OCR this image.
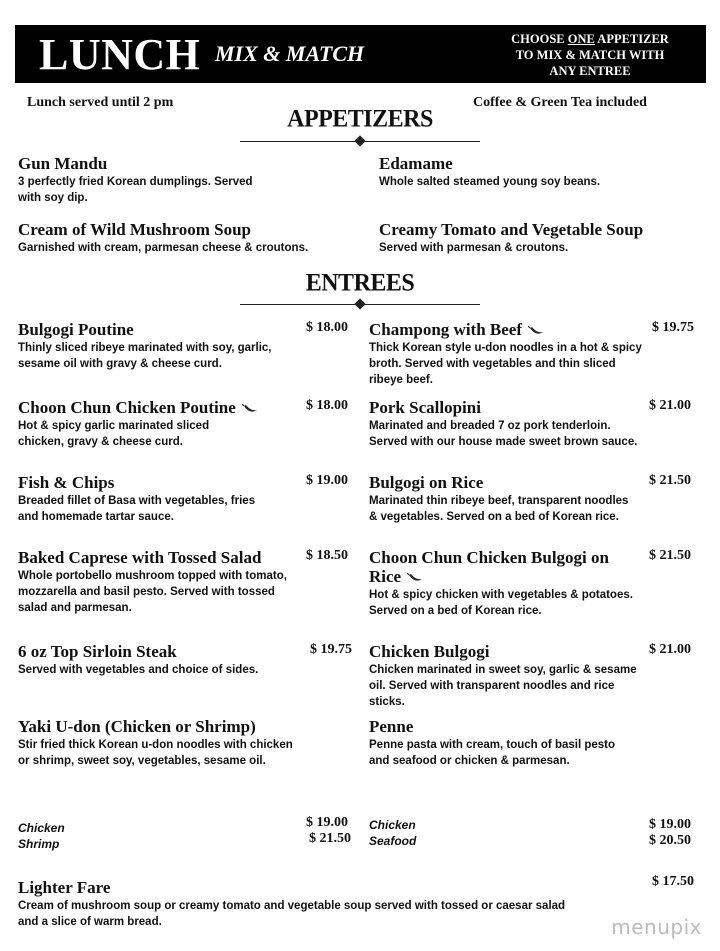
LUNCH MIX & MATCH
CHOOSE ONE APPETIZER
TO MIX & MATCH WITH
ANY ENTREE
Lunch served until 2 pm	Coffee & Green Tea included
APPETIZERS
Gun Mandu
3 perfectly fried Korean dumplings. Served with soy dip.
Edamame
Whole salted steamed young soy beans.
Cream of Wild Mushroom Soup
Garnished with cream, parmesan cheese & croutons.
Creamy Tomato and Vegetable Soup
Served with parmesan & croutons.
ENTREES
Bulgogi Poutine
Thinly sliced ribeye marinated with soy, garlic, sesame oil with gravy & cheese curd.
$ 18.00 Champong with Beef
Thick Korean style u-don noodles in a hot & spicy broth. Served with vegetables and thin sliced ribeye beef.
$ 19.75
Choon Chun Chicken Poutine
Hot & spicy garlic marinated sliced chicken, gravy & cheese curd.
$ 18.00 Pork Scallopini
Marinated and breaded 7 oz pork tenderloin. Served with our house made sweet brown sauce.
$ 21.00
Fish & Chips
Breaded fillet of Basa with vegetables, fries and homemade tartar sauce.
$ 19.00 Bulgogi on Rice
Marinated thin ribeye beef, transparent noodles & vegetables. Served on a bed of Korean rice.
$ 21.50
Baked Caprese with Tossed Salad
Whole portobello mushroom topped with tomato, mozzarella and basil pesto. Served with tossed salad and parmesan.
$ 18.50 Choon Chun Chicken Bulgogi on Rice
Hot & spicy chicken with vegetables & potatoes. Served on a bed of Korean rice.
$ 21.50
6 oz Top Sirloin Steak
Served with vegetables and choice of sides.
$ 19.75 Chicken Bulgogi
Chicken marinated in sweet soy, garlic & sesame oil. Served with transparent noodles and rice sticks.
$ 21.00
Yaki U-don (Chicken or Shrimp)
Stir fried thick Korean u-don noodles with chicken or shrimp, sweet soy, vegetables, sesame oil.
Penne
Penne pasta with cream, touch of basil pesto and seafood or chicken & parmesan.
Chicken
Shrimp
$ 19.00
$ 21.50
Chicken
Seafood
$ 19.00
$ 20.50
Lighter Fare
Cream of mushroom soup or creamy tomato and vegetable soup served with tossed or caesar salad and a slice of warm bread.
$ 17.50
menupix
